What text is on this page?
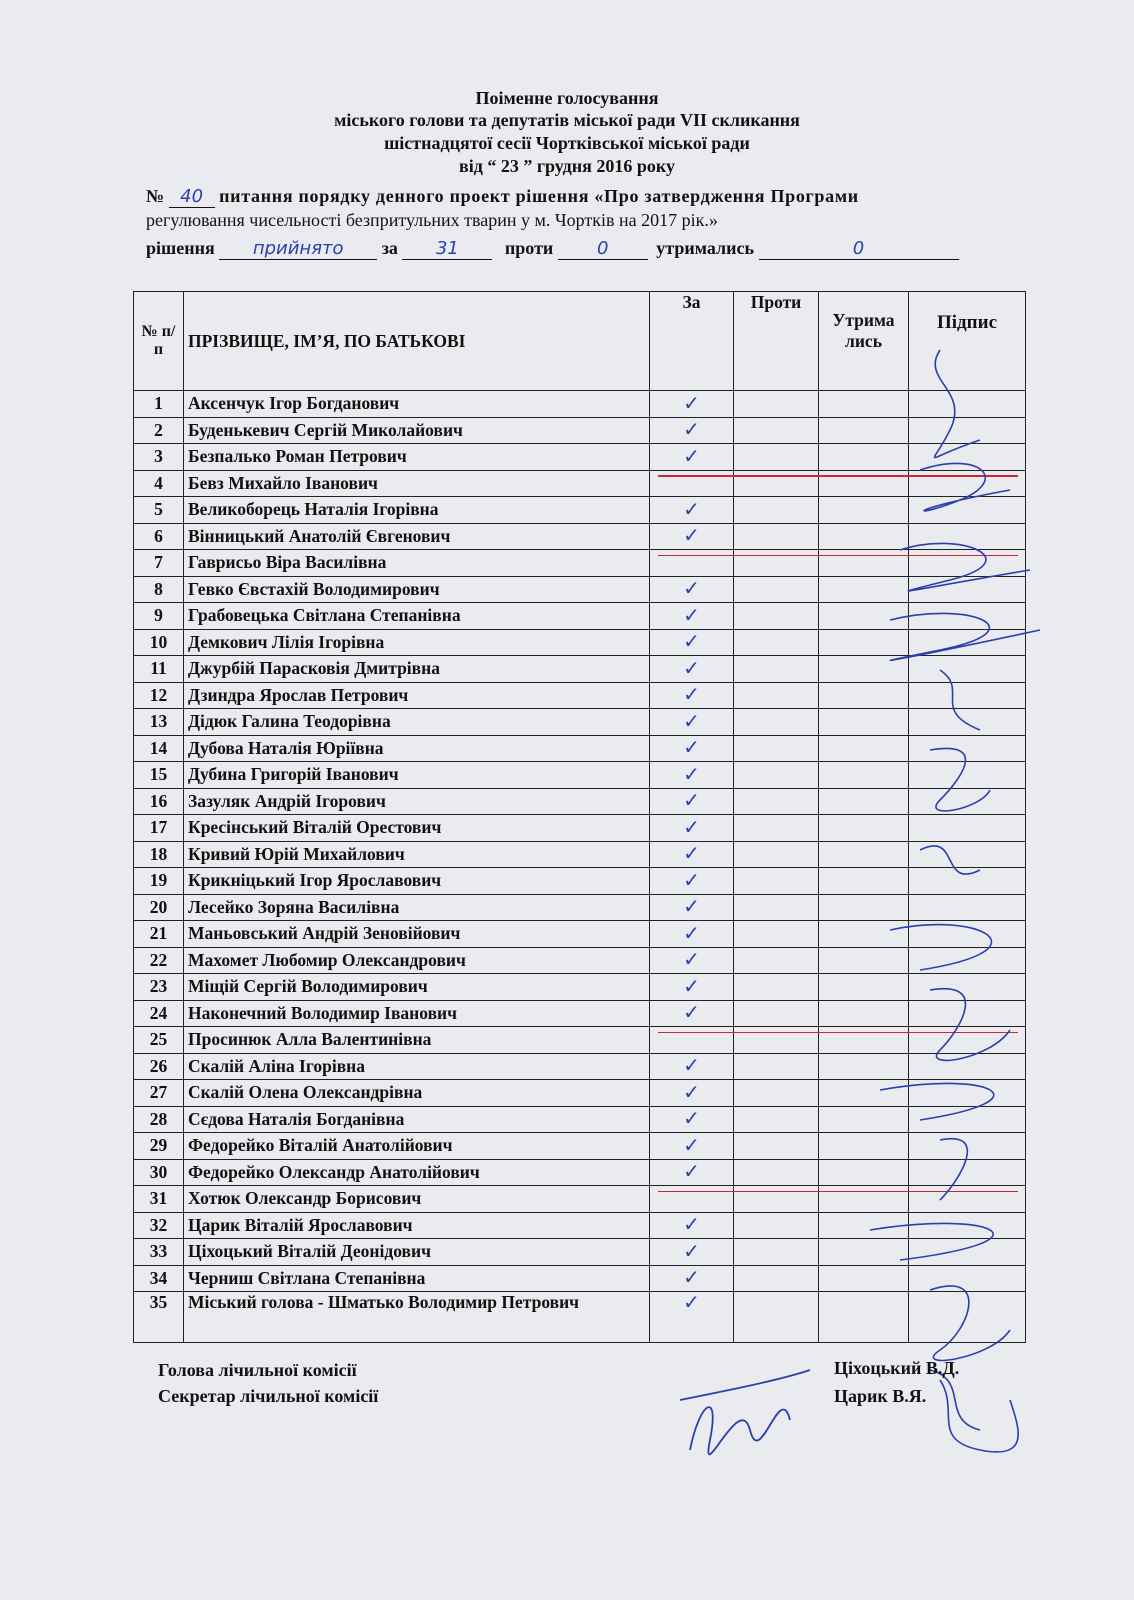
Поіменне голосування
міського голови та депутатів міської ради VII скликання
шістнадцятої сесії Чортківської міської ради
від “ 23 ” грудня 2016 року
№ 40 питання порядку денного проект рішення «Про затвердження Програми
регулювання чисельності безпритульних тварин у м. Чортків на 2017 рік.»
рішення прийнято за 31	проти 0	утримались	0
№ п/п	ПРІЗВИЩЕ, ІМ’Я, ПО БАТЬКОВІ	За	Проти	Утрима лись	Підпис
1	Аксенчук Ігор Богданович	✓			
2	Буденькевич Сергій Миколайович	✓			
3	Безпалько Роман Петрович	✓			
4	Бевз Михайло Іванович				
5	Великоборець Наталія Ігорівна	✓			
6	Вінницький Анатолій Євгенович	✓			
7	Гаврисьо Віра Василівна				
8	Гевко Євстахій Володимирович	✓			
9	Грабовецька Світлана Степанівна	✓			
10	Демкович Лілія Ігорівна	✓			
11	Джурбій Парасковія Дмитрівна	✓			
12	Дзиндра Ярослав Петрович	✓			
13	Дідюк Галина Теодорівна	✓			
14	Дубова Наталія Юріївна	✓			
15	Дубина Григорій Іванович	✓			
16	Зазуляк Андрій Ігорович	✓			
17	Кресінський Віталій Орестович	✓			
18	Кривий Юрій Михайлович	✓			
19	Крикніцький Ігор Ярославович	✓			
20	Лесейко Зоряна Василівна	✓			
21	Маньовський Андрій Зеновійович	✓			
22	Махомет Любомир Олександрович	✓			
23	Міщій Сергій Володимирович	✓			
24	Наконечний Володимир Іванович	✓			
25	Просинюк Алла Валентинівна				
26	Скалій Аліна Ігорівна	✓			
27	Скалій Олена Олександрівна	✓			
28	Сєдова Наталія Богданівна	✓			
29	Федорейко Віталій Анатолійович	✓			
30	Федорейко Олександр Анатолійович	✓			
31	Хотюк Олександр Борисович				
32	Царик Віталій Ярославович	✓			
33	Ціхоцький Віталій Деонідович	✓			
34	Черниш Світлана Степанівна	✓			
35	Міський голова - Шматько Володимир Петрович	✓			
Голова лічильної комісії	Ціхоцький В.Д.
Секретар лічильної комісії	Царик В.Я.
